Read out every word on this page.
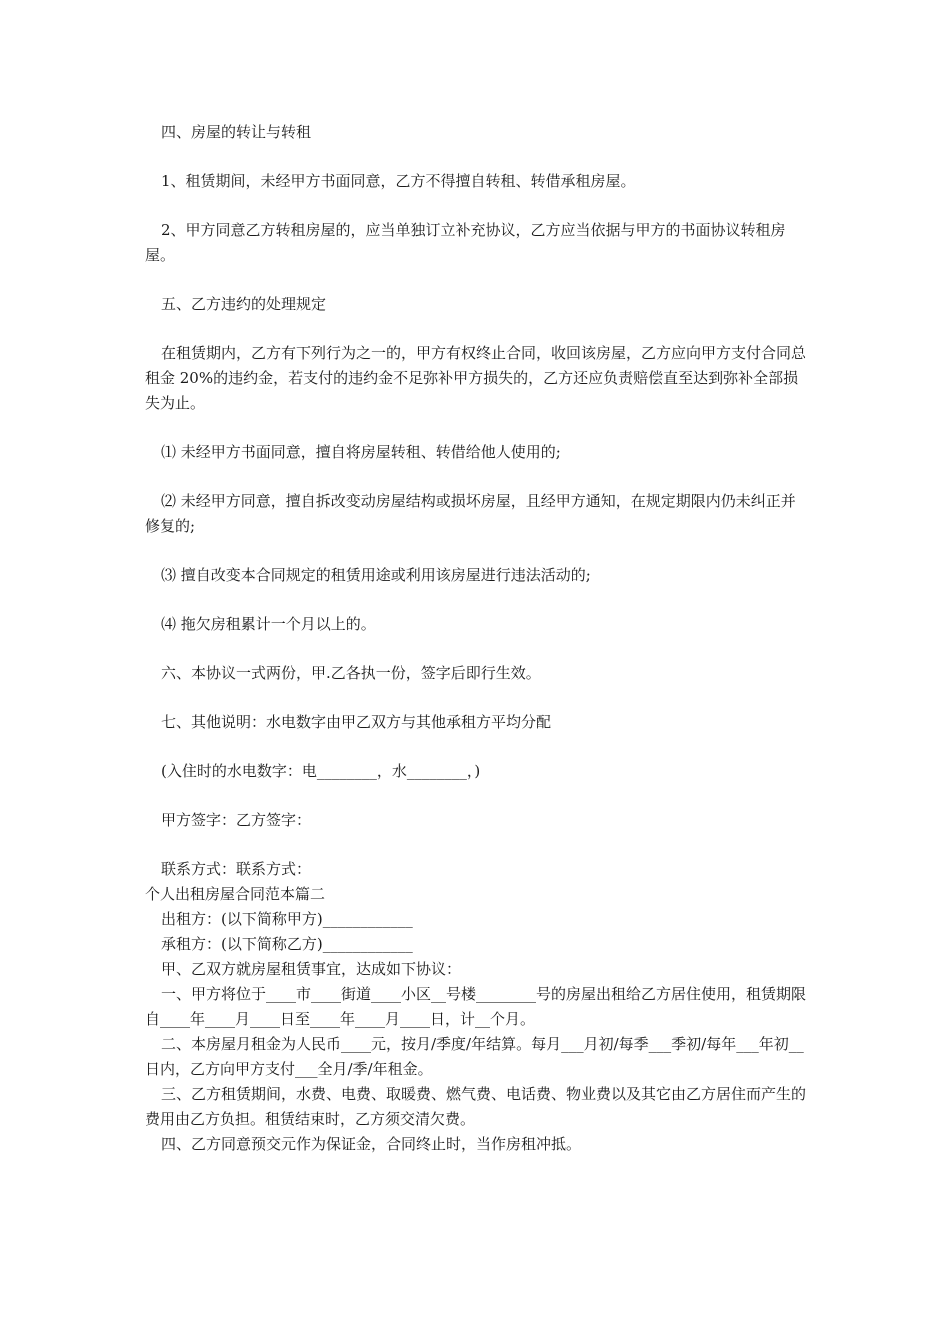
四、房屋的转让与转租

1、租赁期间，未经甲方书面同意，乙方不得擅自转租、转借承租房屋。

2、甲方同意乙方转租房屋的，应当单独订立补充协议，乙方应当依据与甲方的书面协议转租房屋。

五、乙方违约的处理规定

在租赁期内，乙方有下列行为之一的，甲方有权终止合同，收回该房屋，乙方应向甲方支付合同总租金 20%的违约金，若支付的违约金不足弥补甲方损失的，乙方还应负责赔偿直至达到弥补全部损失为止。

⑴ 未经甲方书面同意，擅自将房屋转租、转借给他人使用的;

⑵ 未经甲方同意，擅自拆改变动房屋结构或损坏房屋，且经甲方通知，在规定期限内仍未纠正并修复的;

⑶ 擅自改变本合同规定的租赁用途或利用该房屋进行违法活动的;

⑷ 拖欠房租累计一个月以上的。

六、本协议一式两份，甲.乙各执一份，签字后即行生效。

七、其他说明：水电数字由甲乙双方与其他承租方平均分配

(入住时的水电数字：电________，水________，)

甲方签字：乙方签字：

联系方式：联系方式：

个人出租房屋合同范本篇二

出租方：(以下简称甲方)____________

承租方：(以下简称乙方)____________

甲、乙双方就房屋租赁事宜，达成如下协议：

一、甲方将位于____市____街道____小区__号楼________号的房屋出租给乙方居住使用，租赁期限自____年____月____日至____年____月____日，计__个月。

二、本房屋月租金为人民币____元，按月/季度/年结算。每月___月初/每季___季初/每年___年初__日内，乙方向甲方支付___全月/季/年租金。

三、乙方租赁期间，水费、电费、取暖费、燃气费、电话费、物业费以及其它由乙方居住而产生的费用由乙方负担。租赁结束时，乙方须交清欠费。

四、乙方同意预交元作为保证金，合同终止时，当作房租冲抵。
